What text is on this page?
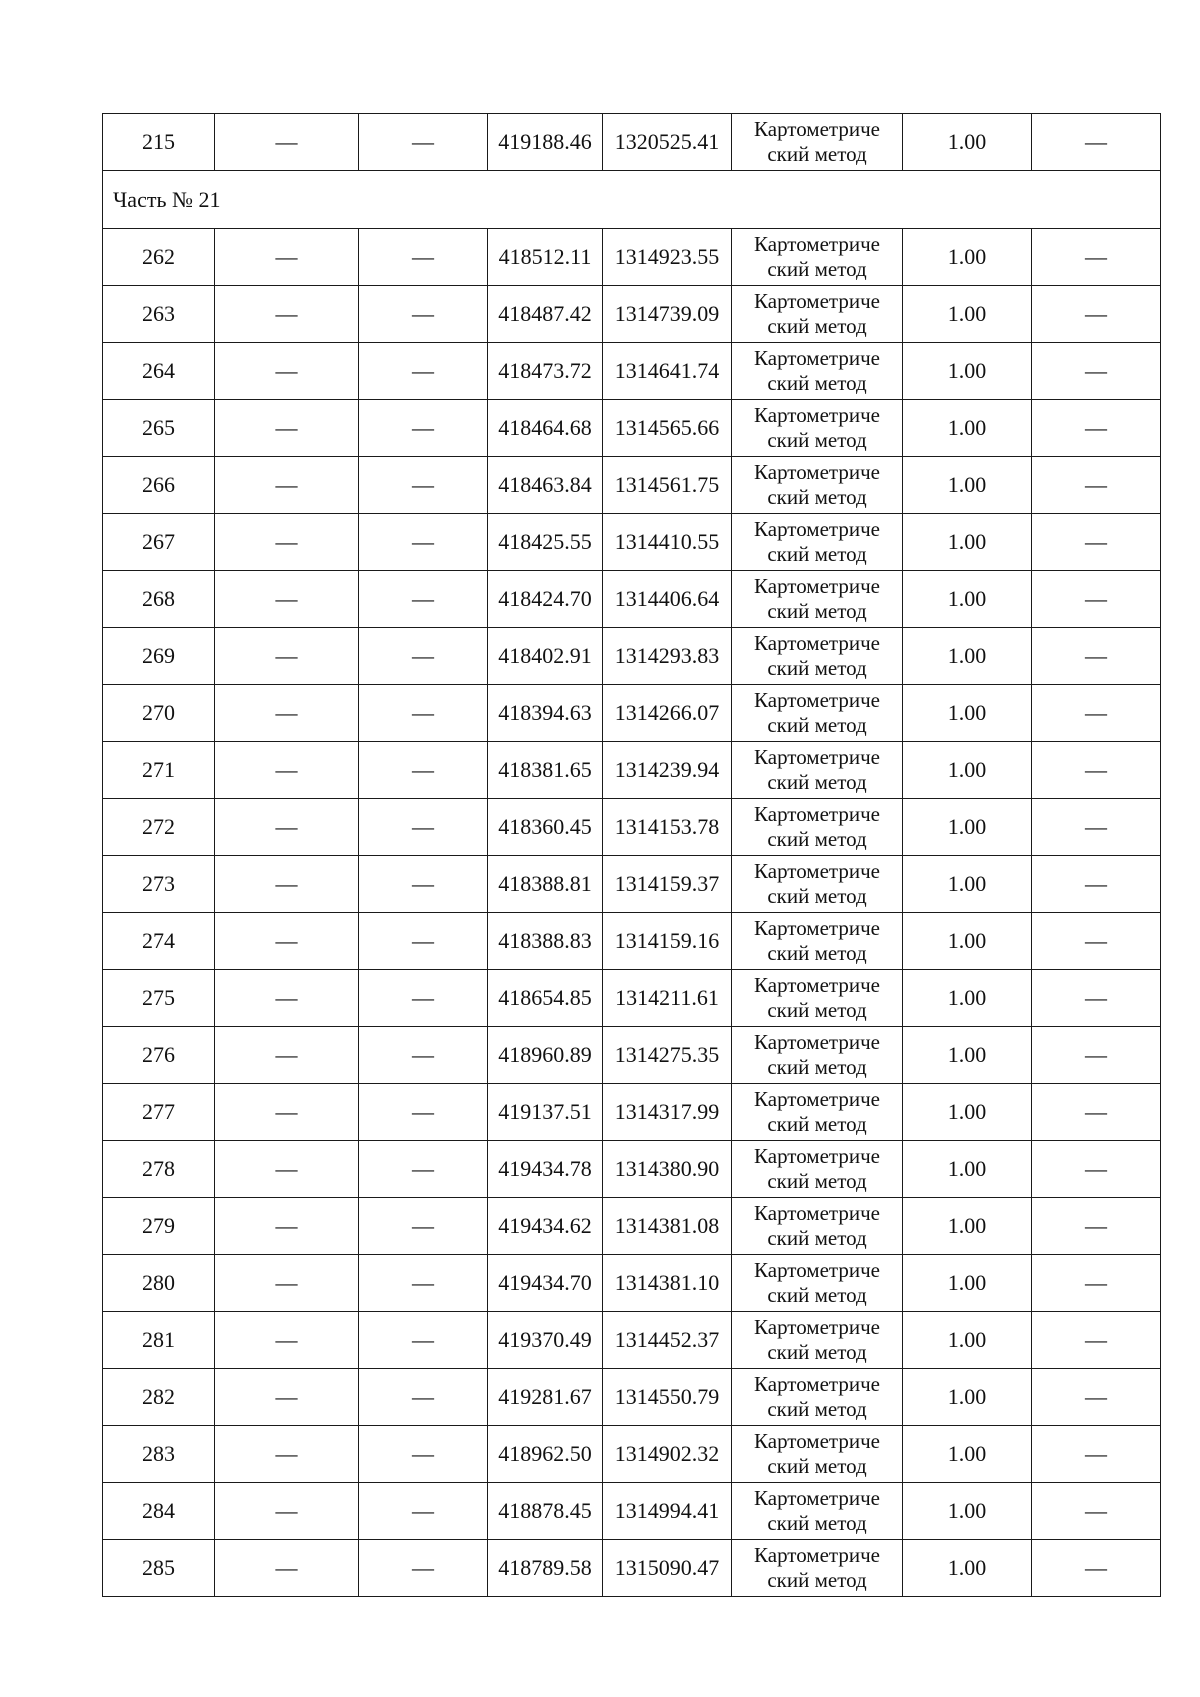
215	—	—	419188.46	1320525.41	Картометриче ский метод	1.00	—
Часть № 21							
262	—	—	418512.11	1314923.55	Картометриче ский метод	1.00	—
263	—	—	418487.42	1314739.09	Картометриче ский метод	1.00	—
264	—	—	418473.72	1314641.74	Картометриче ский метод	1.00	—
265	—	—	418464.68	1314565.66	Картометриче ский метод	1.00	—
266	—	—	418463.84	1314561.75	Картометриче ский метод	1.00	—
267	—	—	418425.55	1314410.55	Картометриче ский метод	1.00	—
268	—	—	418424.70	1314406.64	Картометриче ский метод	1.00	—
269	—	—	418402.91	1314293.83	Картометриче ский метод	1.00	—
270	—	—	418394.63	1314266.07	Картометриче ский метод	1.00	—
271	—	—	418381.65	1314239.94	Картометриче ский метод	1.00	—
272	—	—	418360.45	1314153.78	Картометриче ский метод	1.00	—
273	—	—	418388.81	1314159.37	Картометриче ский метод	1.00	—
274	—	—	418388.83	1314159.16	Картометриче ский метод	1.00	—
275	—	—	418654.85	1314211.61	Картометриче ский метод	1.00	—
276	—	—	418960.89	1314275.35	Картометриче ский метод	1.00	—
277	—	—	419137.51	1314317.99	Картометриче ский метод	1.00	—
278	—	—	419434.78	1314380.90	Картометриче ский метод	1.00	—
279	—	—	419434.62	1314381.08	Картометриче ский метод	1.00	—
280	—	—	419434.70	1314381.10	Картометриче ский метод	1.00	—
281	—	—	419370.49	1314452.37	Картометриче ский метод	1.00	—
282	—	—	419281.67	1314550.79	Картометриче ский метод	1.00	—
283	—	—	418962.50	1314902.32	Картометриче ский метод	1.00	—
284	—	—	418878.45	1314994.41	Картометриче ский метод	1.00	—
285	—	—	418789.58	1315090.47	Картометриче ский метод	1.00	—
